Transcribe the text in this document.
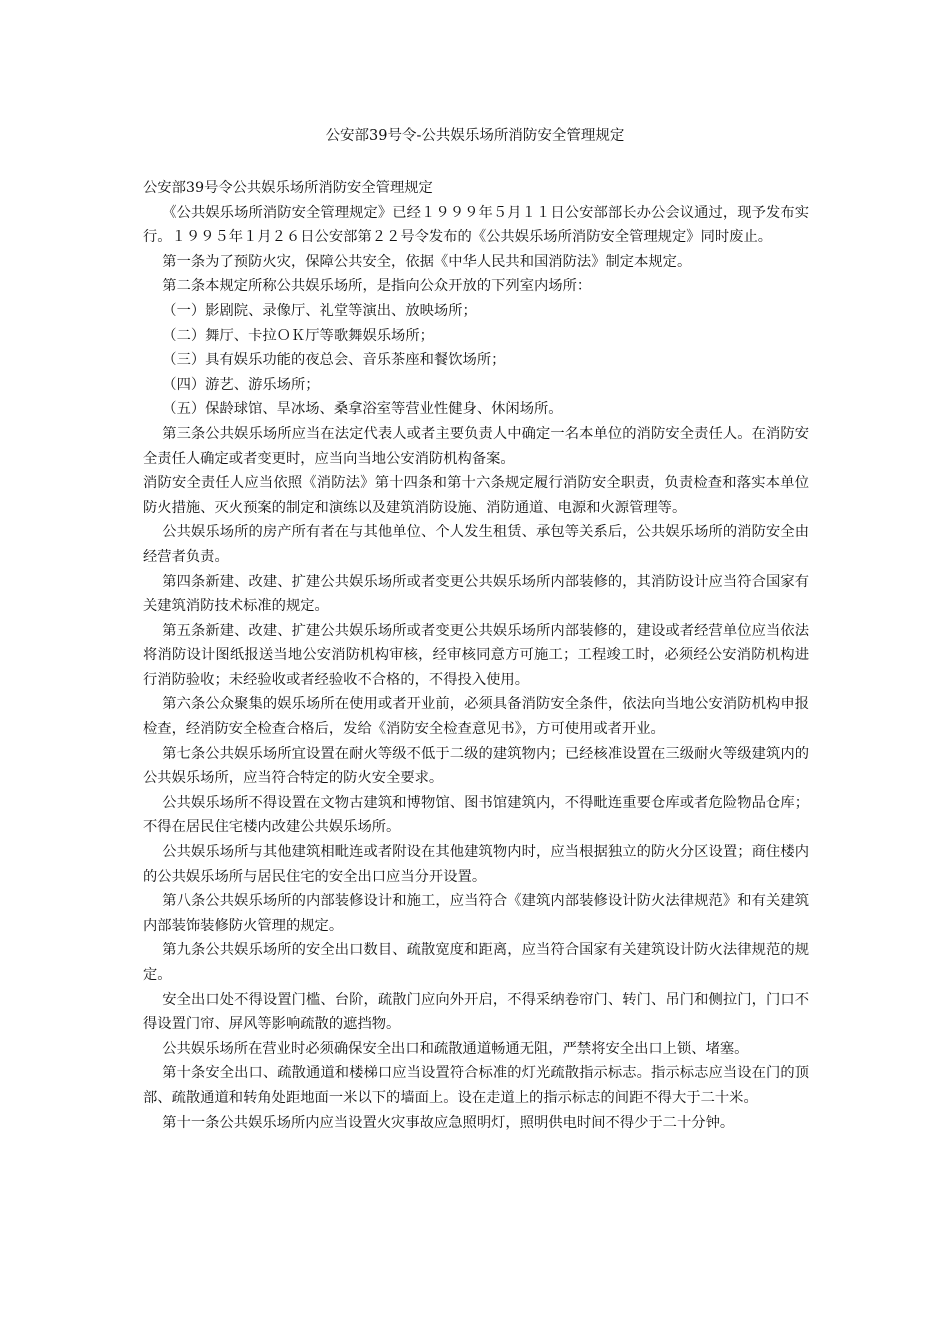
公安部39号令-公共娱乐场所消防安全管理规定

公安部39号令公共娱乐场所消防安全管理规定

《公共娱乐场所消防安全管理规定》已经１９９９年５月１１日公安部部长办公会议通过，现予发布实行。１９９５年１月２６日公安部第２２号令发布的《公共娱乐场所消防安全管理规定》同时废止。

第一条为了预防火灾，保障公共安全，依据《中华人民共和国消防法》制定本规定。

第二条本规定所称公共娱乐场所，是指向公众开放的下列室内场所：

（一）影剧院、录像厅、礼堂等演出、放映场所；

（二）舞厅、卡拉ＯＫ厅等歌舞娱乐场所；

（三）具有娱乐功能的夜总会、音乐茶座和餐饮场所；

（四）游艺、游乐场所；

（五）保龄球馆、旱冰场、桑拿浴室等营业性健身、休闲场所。

第三条公共娱乐场所应当在法定代表人或者主要负责人中确定一名本单位的消防安全责任人。在消防安全责任人确定或者变更时，应当向当地公安消防机构备案。

消防安全责任人应当依照《消防法》第十四条和第十六条规定履行消防安全职责，负责检查和落实本单位防火措施、灭火预案的制定和演练以及建筑消防设施、消防通道、电源和火源管理等。

公共娱乐场所的房产所有者在与其他单位、个人发生租赁、承包等关系后，公共娱乐场所的消防安全由经营者负责。

第四条新建、改建、扩建公共娱乐场所或者变更公共娱乐场所内部装修的，其消防设计应当符合国家有关建筑消防技术标准的规定。

第五条新建、改建、扩建公共娱乐场所或者变更公共娱乐场所内部装修的，建设或者经营单位应当依法将消防设计图纸报送当地公安消防机构审核，经审核同意方可施工；工程竣工时，必须经公安消防机构进行消防验收；未经验收或者经验收不合格的，不得投入使用。

第六条公众聚集的娱乐场所在使用或者开业前，必须具备消防安全条件，依法向当地公安消防机构申报检查，经消防安全检查合格后，发给《消防安全检查意见书》，方可使用或者开业。

第七条公共娱乐场所宜设置在耐火等级不低于二级的建筑物内；已经核准设置在三级耐火等级建筑内的公共娱乐场所，应当符合特定的防火安全要求。

公共娱乐场所不得设置在文物古建筑和博物馆、图书馆建筑内，不得毗连重要仓库或者危险物品仓库；不得在居民住宅楼内改建公共娱乐场所。

公共娱乐场所与其他建筑相毗连或者附设在其他建筑物内时，应当根据独立的防火分区设置；商住楼内的公共娱乐场所与居民住宅的安全出口应当分开设置。

第八条公共娱乐场所的内部装修设计和施工，应当符合《建筑内部装修设计防火法律规范》和有关建筑内部装饰装修防火管理的规定。

第九条公共娱乐场所的安全出口数目、疏散宽度和距离，应当符合国家有关建筑设计防火法律规范的规定。

安全出口处不得设置门槛、台阶，疏散门应向外开启，不得采纳卷帘门、转门、吊门和侧拉门，门口不得设置门帘、屏风等影响疏散的遮挡物。

公共娱乐场所在营业时必须确保安全出口和疏散通道畅通无阻，严禁将安全出口上锁、堵塞。

第十条安全出口、疏散通道和楼梯口应当设置符合标准的灯光疏散指示标志。指示标志应当设在门的顶部、疏散通道和转角处距地面一米以下的墙面上。设在走道上的指示标志的间距不得大于二十米。

第十一条公共娱乐场所内应当设置火灾事故应急照明灯，照明供电时间不得少于二十分钟。
